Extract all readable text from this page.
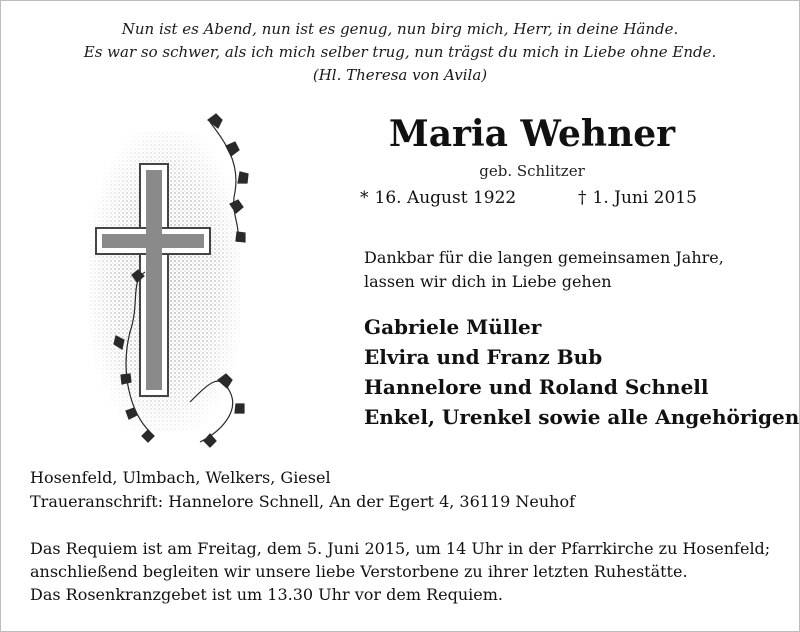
Nun ist es Abend, nun ist es genug, nun birg mich, Herr, in deine Hände.
Es war so schwer, als ich mich selber trug, nun trägst du mich in Liebe ohne Ende.
(Hl. Theresa von Avila)
Maria Wehner
geb. Schlitzer
* 16. August 1922	† 1. Juni 2015
Dankbar für die langen gemeinsamen Jahre,
lassen wir dich in Liebe gehen
Gabriele Müller
Elvira und Franz Bub
Hannelore und Roland Schnell
Enkel, Urenkel sowie alle Angehörigen
Hosenfeld, Ulmbach, Welkers, Giesel
Traueranschrift: Hannelore Schnell, An der Egert 4, 36119 Neuhof
Das Requiem ist am Freitag, dem 5. Juni 2015, um 14 Uhr in der Pfarrkirche zu Hosenfeld;
anschließend begleiten wir unsere liebe Verstorbene zu ihrer letzten Ruhestätte.
Das Rosenkranzgebet ist um 13.30 Uhr vor dem Requiem.
